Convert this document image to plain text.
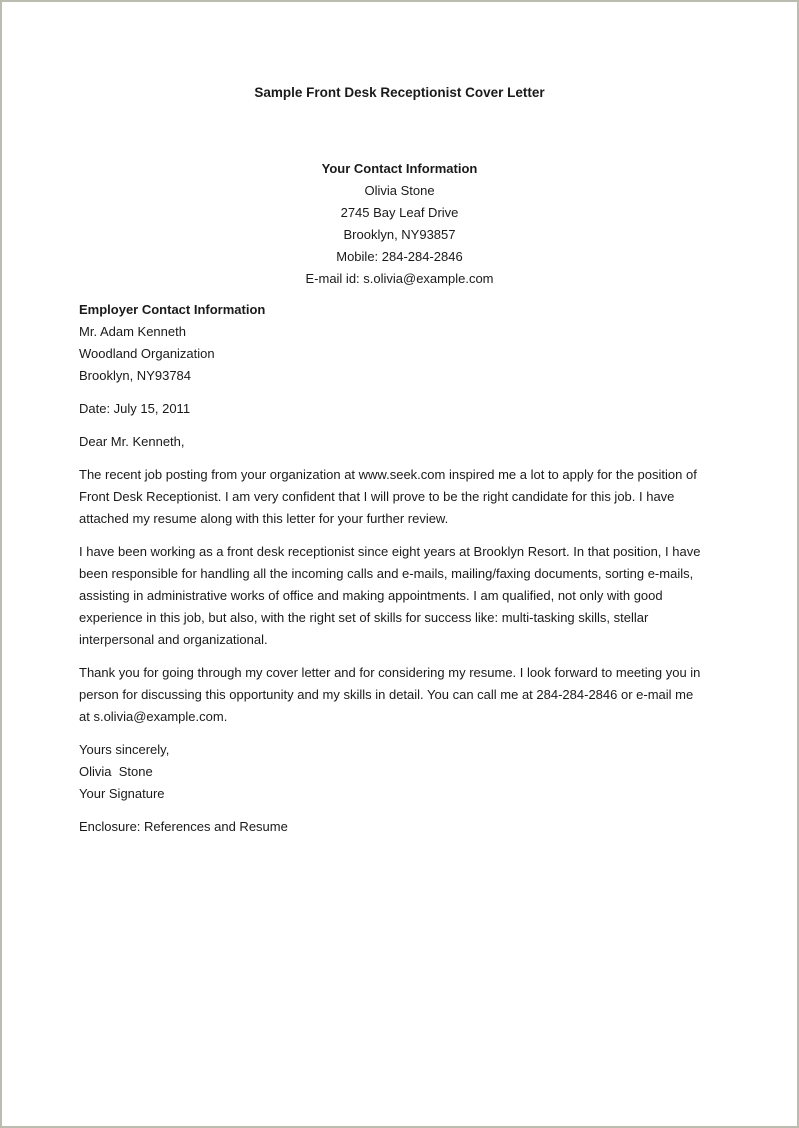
Sample Front Desk Receptionist Cover Letter
Your Contact Information
Olivia Stone
2745 Bay Leaf Drive
Brooklyn, NY93857
Mobile: 284-284-2846
E-mail id: s.olivia@example.com
Employer Contact Information
Mr. Adam Kenneth
Woodland Organization
Brooklyn, NY93784
Date: July 15, 2011
Dear Mr. Kenneth,
The recent job posting from your organization at www.seek.com inspired me a lot to apply for the position of
Front Desk Receptionist. I am very confident that I will prove to be the right candidate for this job. I have
attached my resume along with this letter for your further review.
I have been working as a front desk receptionist since eight years at Brooklyn Resort. In that position, I have
been responsible for handling all the incoming calls and e-mails, mailing/faxing documents, sorting e-mails,
assisting in administrative works of office and making appointments. I am qualified, not only with good
experience in this job, but also, with the right set of skills for success like: multi-tasking skills, stellar
interpersonal and organizational.
Thank you for going through my cover letter and for considering my resume. I look forward to meeting you in
person for discussing this opportunity and my skills in detail. You can call me at 284-284-2846 or e-mail me
at s.olivia@example.com.
Yours sincerely,
Olivia  Stone
Your Signature
Enclosure: References and Resume
